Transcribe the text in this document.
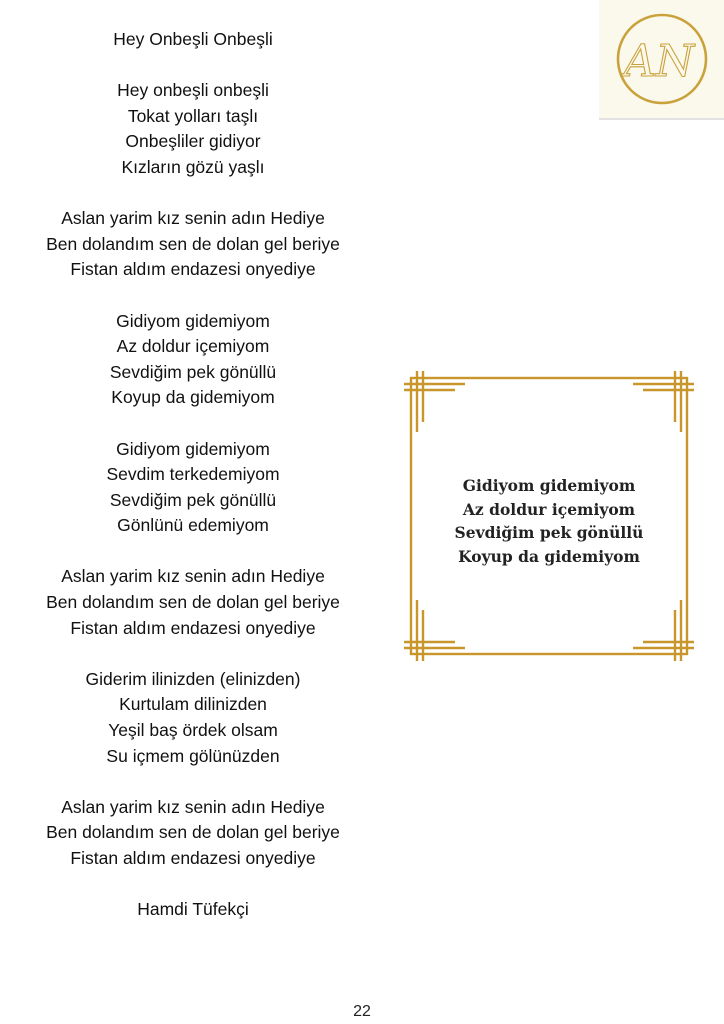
Hey Onbeşli Onbeşli
Hey onbeşli onbeşli
Tokat yolları taşlı
Onbeşliler gidiyor
Kızların gözü yaşlı
Aslan yarim kız senin adın Hediye
Ben dolandım sen de dolan gel beriye
Fistan aldım endazesi onyediye
Gidiyom gidemiyom
Az doldur içemiyom
Sevdiğim pek gönüllü
Koyup da gidemiyom
Gidiyom gidemiyom
Sevdim terkedemiyom
Sevdiğim pek gönüllü
Gönlünü edemiyom
Aslan yarim kız senin adın Hediye
Ben dolandım sen de dolan gel beriye
Fistan aldım endazesi onyediye
Giderim ilinizden (elinizden)
Kurtulam dilinizden
Yeşil baş ördek olsam
Su içmem gölünüzden
Aslan yarim kız senin adın Hediye
Ben dolandım sen de dolan gel beriye
Fistan aldım endazesi onyediye
Hamdi Tüfekçi
AN
Gidiyom gidemiyom
Az doldur içemiyom
Sevdiğim pek gönüllü
Koyup da gidemiyom
22
